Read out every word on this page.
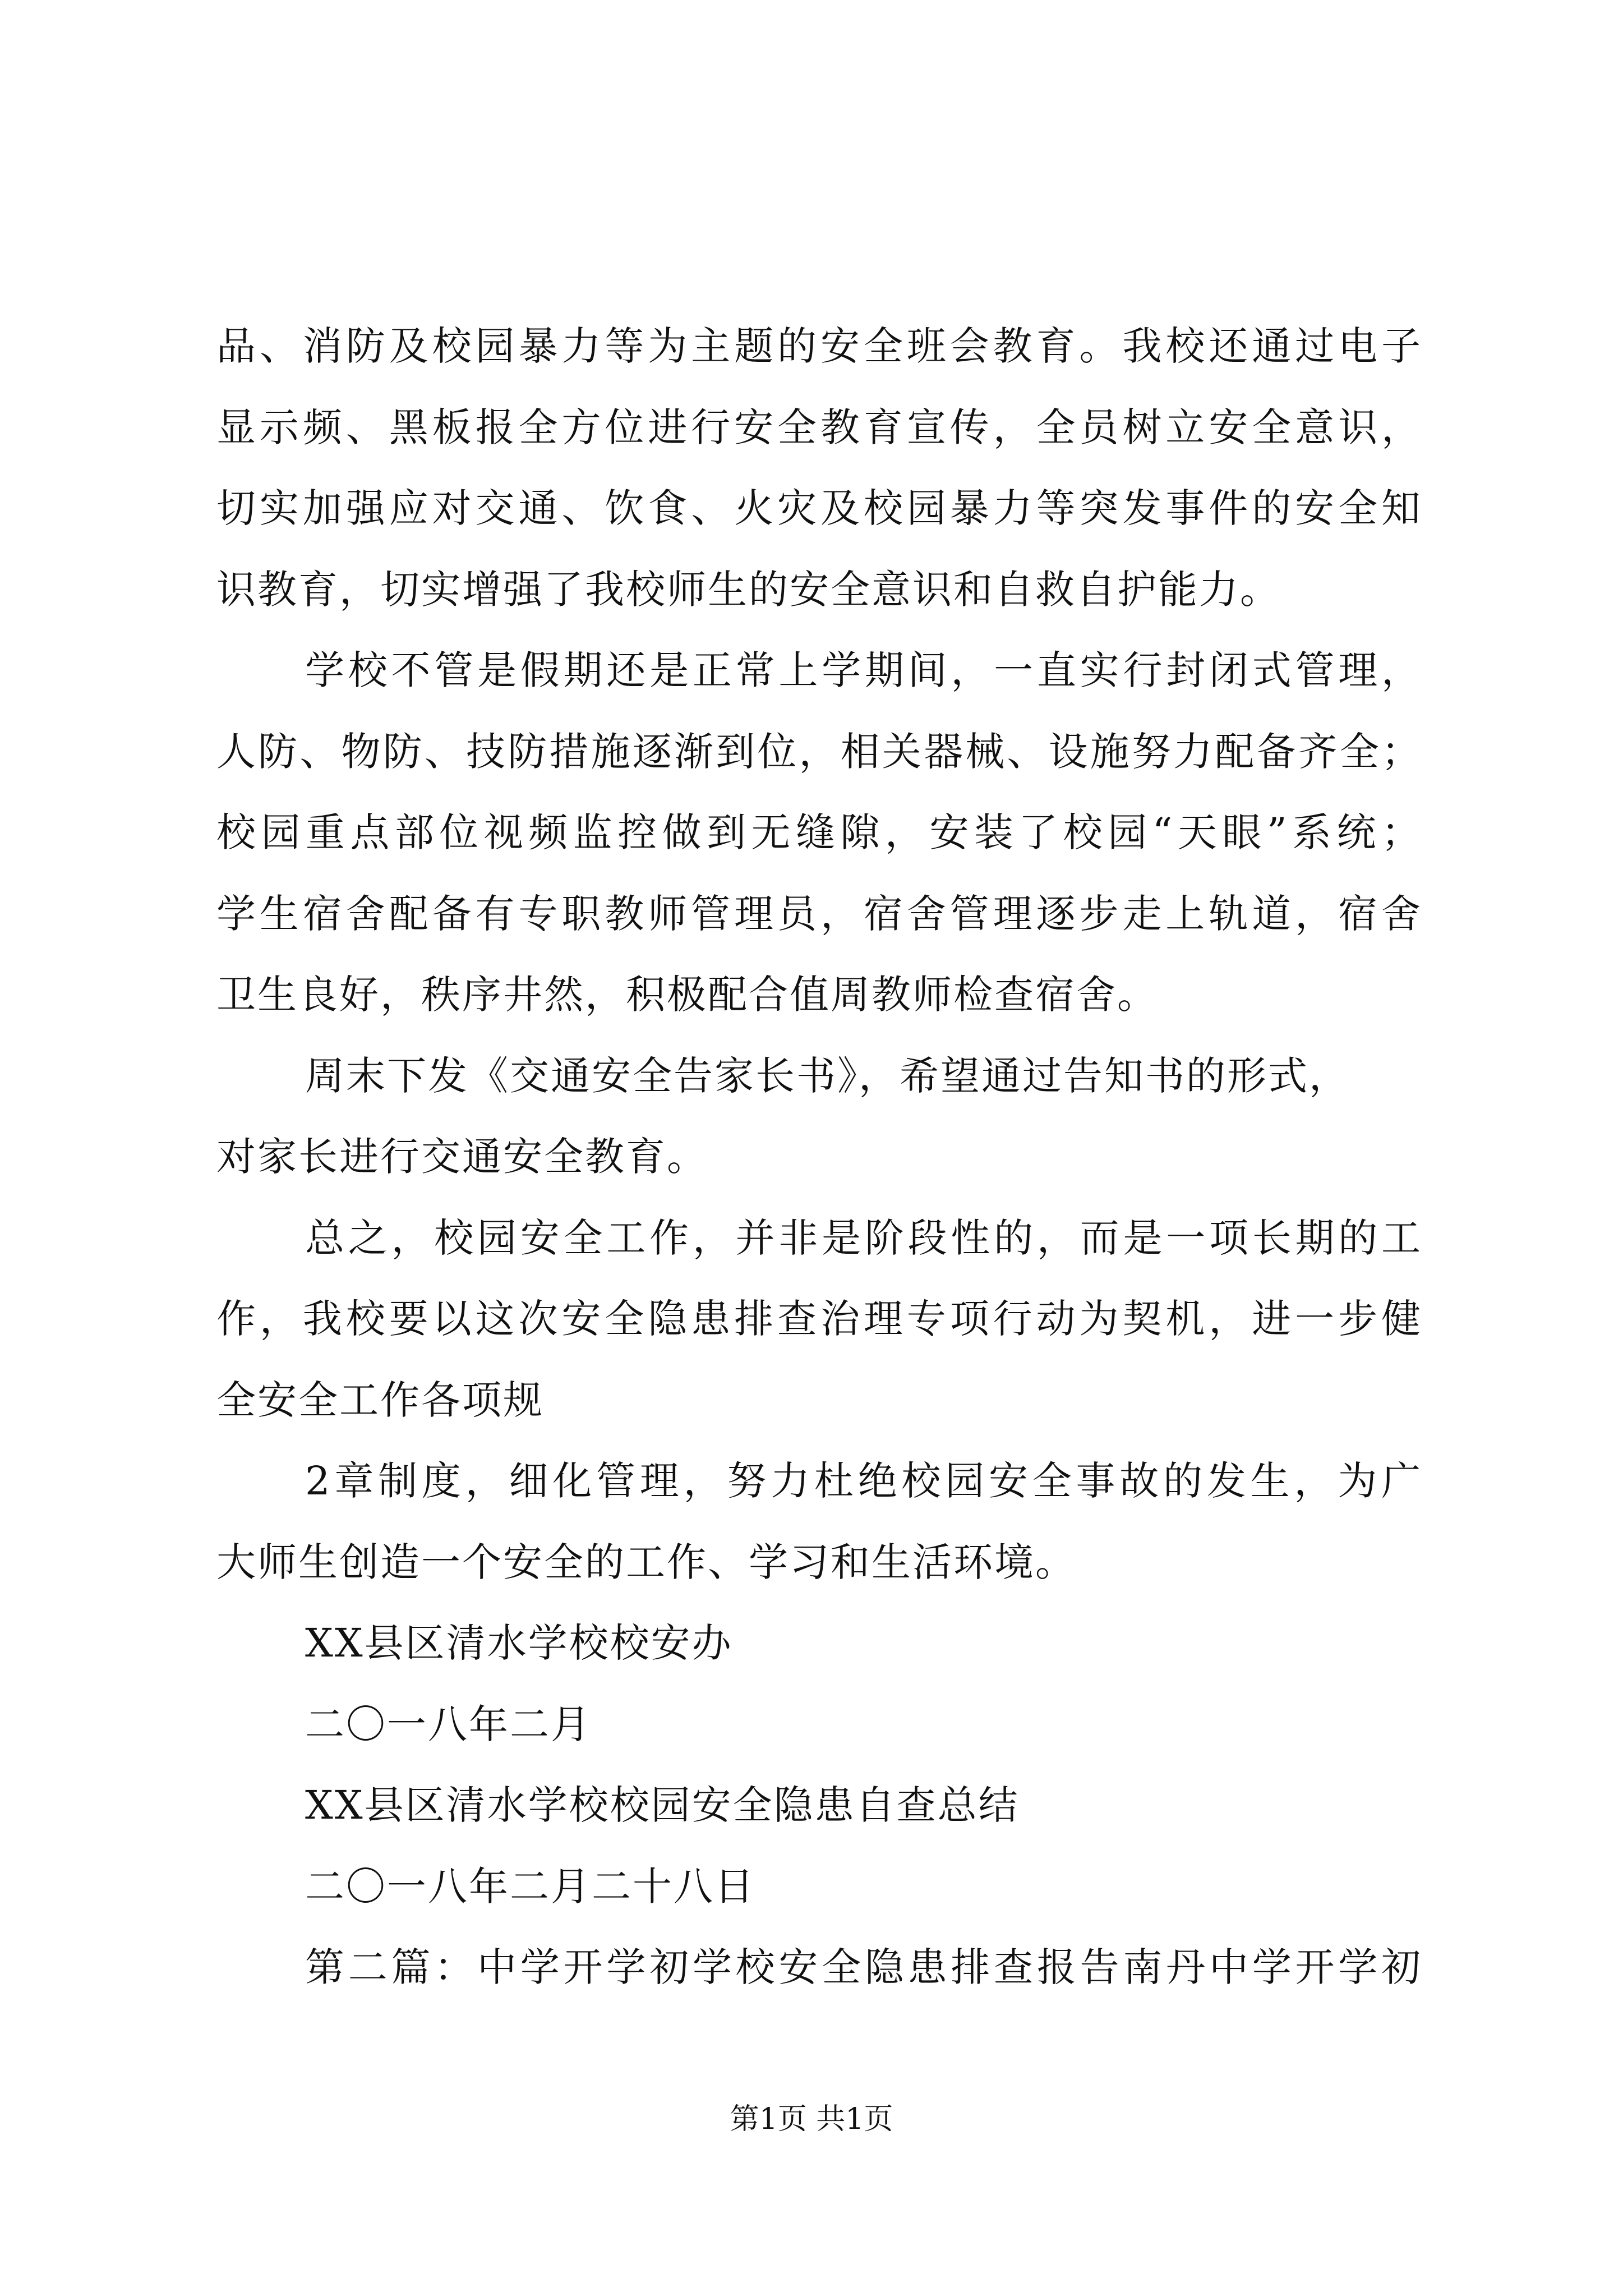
品、消防及校园暴力等为主题的安全班会教育。我校还通过电子
显示频、黑板报全方位进行安全教育宣传，全员树立安全意识，
切实加强应对交通、饮食、火灾及校园暴力等突发事件的安全知
识教育，切实增强了我校师生的安全意识和自救自护能力。
学校不管是假期还是正常上学期间，一直实行封闭式管理，
人防、物防、技防措施逐渐到位，相关器械、设施努力配备齐全；
校园重点部位视频监控做到无缝隙，安装了校园“天眼”系统；
学生宿舍配备有专职教师管理员，宿舍管理逐步走上轨道，宿舍
卫生良好，秩序井然，积极配合值周教师检查宿舍。
周末下发《交通安全告家长书》，希望通过告知书的形式，
对家长进行交通安全教育。
总之，校园安全工作，并非是阶段性的，而是一项长期的工
作，我校要以这次安全隐患排查治理专项行动为契机，进一步健
全安全工作各项规
2章制度，细化管理，努力杜绝校园安全事故的发生，为广
大师生创造一个安全的工作、学习和生活环境。
XX县区清水学校校安办
二〇一八年二月
XX县区清水学校校园安全隐患自查总结
二〇一八年二月二十八日
第二篇：中学开学初学校安全隐患排查报告南丹中学开学初
第1页 共1页
